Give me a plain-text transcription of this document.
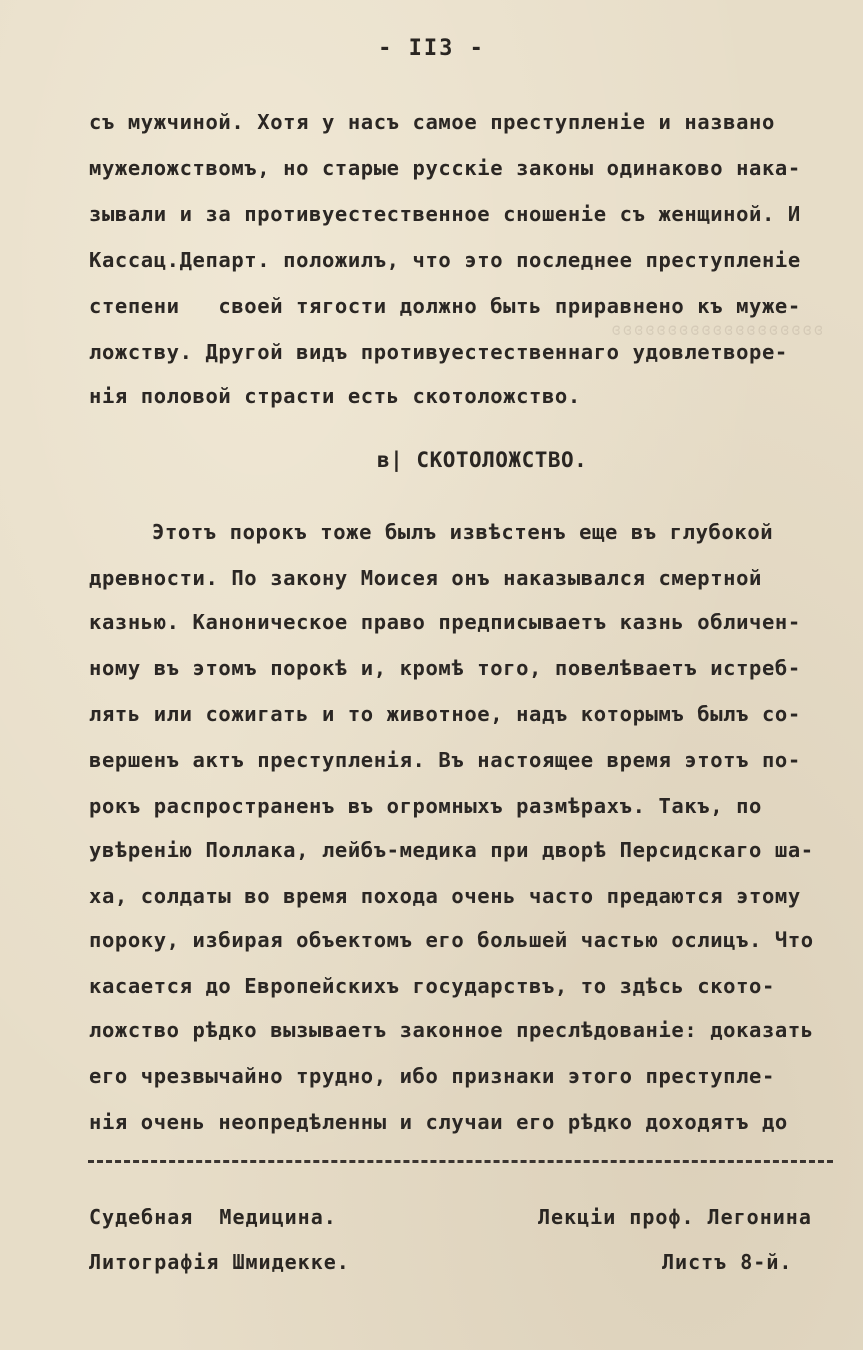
ʚʚʚʚʚʚʚʚʚʚʚʚʚʚʚʚʚʚʚ
- II3 -
съ мужчиной. Хотя у насъ самое преступленіе и названо
мужеложствомъ, но старые русскіе законы одинаково нака-
зывали и за противуестественное сношеніе съ женщиной. И
Кассац.Департ. положилъ, что это последнее преступленіе
степени   своей тягости должно быть приравнено къ муже-
ложству. Другой видъ противуестественнаго удовлетворе-
нія половой страсти есть скотоложство.
в| СКОТОЛОЖСТВО.
Этотъ порокъ тоже былъ извѣстенъ еще въ глубокой
древности. По закону Моисея онъ наказывался смертной
казнью. Каноническое право предписываетъ казнь обличен-
ному въ этомъ порокѣ и, кромѣ того, повелѣваетъ истреб-
лять или сожигать и то животное, надъ которымъ былъ со-
вершенъ актъ преступленія. Въ настоящее время этотъ по-
рокъ распространенъ въ огромныхъ размѣрахъ. Такъ, по
увѣренію Поллака, лейбъ-медика при дворѣ Персидскаго ша-
ха, солдаты во время похода очень часто предаются этому
пороку, избирая объектомъ его большей частью ослицъ. Что
касается до Европейскихъ государствъ, то здѣсь ското-
ложство рѣдко вызываетъ законное преслѣдованіе: доказать
его чрезвычайно трудно, ибо признаки этого преступле-
нія очень неопредѣленны и случаи его рѣдко доходятъ до
Судебная  Медицина.
Литографія Шмидекке.
Лекціи проф. Легонина
Листъ 8-й.
